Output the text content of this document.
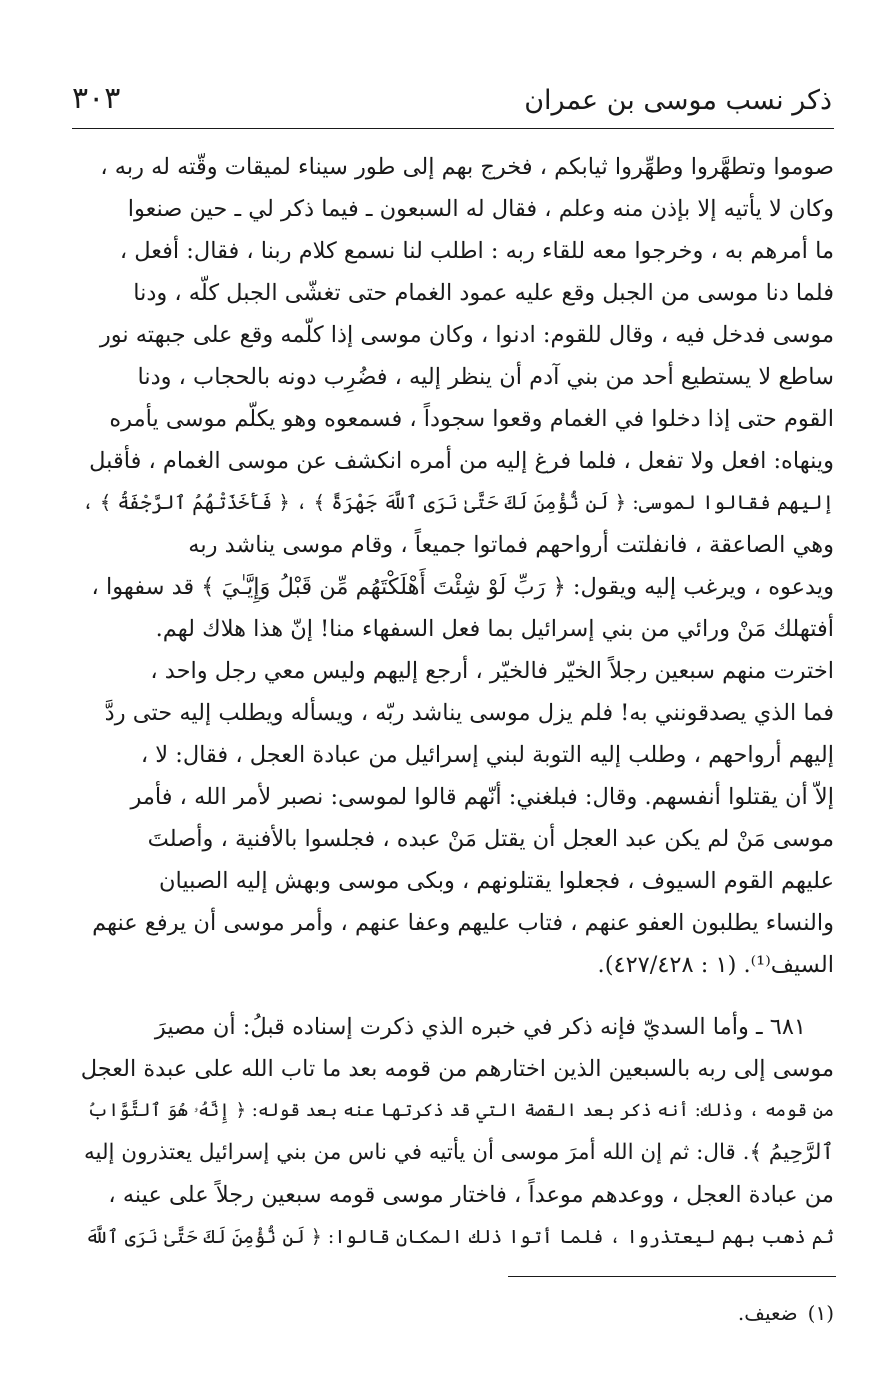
ذكر نسب موسى بن عمران
٣٠٣
صوموا وتطهَّروا وطهِّروا ثيابكم ، فخرج بهم إلى طور سيناء لميقات وقّته له ربه ،
وكان لا يأتيه إلا بإذن منه وعلم ، فقال له السبعون ـ فيما ذكر لي ـ حين صنعوا
ما أمرهم به ، وخرجوا معه للقاء ربه : اطلب لنا نسمع كلام ربنا ، فقال: أفعل ،
فلما دنا موسى من الجبل وقع عليه عمود الغمام حتى تغشّى الجبل كلّه ، ودنا
موسى فدخل فيه ، وقال للقوم: ادنوا ، وكان موسى إذا كلّمه وقع على جبهته نور
ساطع لا يستطيع أحد من بني آدم أن ينظر إليه ، فضُرِب دونه بالحجاب ، ودنا
القوم حتى إذا دخلوا في الغمام وقعوا سجوداً ، فسمعوه وهو يكلّم موسى يأمره
وينهاه: افعل ولا تفعل ، فلما فرغ إليه من أمره انكشف عن موسى الغمام ، فأقبل
إليهم فقالوا لموسى: ﴿ لَن نُّؤْمِنَ لَكَ حَتَّىٰ نَرَى ٱللَّهَ جَهْرَةً ﴾ ، ﴿ فَأَخَذَتْهُمُ ٱلرَّجْفَةُ ﴾ ،
وهي الصاعقة ، فانفلتت أرواحهم فماتوا جميعاً ، وقام موسى يناشد ربه
ويدعوه ، ويرغب إليه ويقول: ﴿ رَبِّ لَوْ شِئْتَ أَهْلَكْتَهُم مِّن قَبْلُ وَإِيَّـٰيَ ﴾ قد سفهوا ،
أفتهلك مَنْ ورائي من بني إسرائيل بما فعل السفهاء منا! إنّ هذا هلاك لهم.
اخترت منهم سبعين رجلاً الخيّر فالخيّر ، أرجع إليهم وليس معي رجل واحد ،
فما الذي يصدقونني به! فلم يزل موسى يناشد ربّه ، ويسأله ويطلب إليه حتى ردَّ
إليهم أرواحهم ، وطلب إليه التوبة لبني إسرائيل من عبادة العجل ، فقال: لا ،
إلاّ أن يقتلوا أنفسهم. وقال: فبلغني: أنّهم قالوا لموسى: نصبر لأمر الله ، فأمر
موسى مَنْ لم يكن عبد العجل أن يقتل مَنْ عبده ، فجلسوا بالأفنية ، وأصلتَ
عليهم القوم السيوف ، فجعلوا يقتلونهم ، وبكى موسى وبهش إليه الصبيان
والنساء يطلبون العفو عنهم ، فتاب عليهم وعفا عنهم ، وأمر موسى أن يرفع عنهم
السيف⁽¹⁾. (١ : ٤٢٧/٤٢٨).
٦٨١ ـ وأما السديّ فإنه ذكر في خبره الذي ذكرت إسناده قبلُ: أن مصيرَ
موسى إلى ربه بالسبعين الذين اختارهم من قومه بعد ما تاب الله على عبدة العجل
من قومه ، وذلك: أنه ذكر بعد القصة التي قد ذكرتها عنه بعد قوله: ﴿ إِنَّهُۥ هُوَ ٱلتَّوَّابُ
ٱلرَّحِيمُ ﴾. قال: ثم إن الله أمرَ موسى أن يأتيه في ناس من بني إسرائيل يعتذرون إليه
من عبادة العجل ، ووعدهم موعداً ، فاختار موسى قومه سبعين رجلاً على عينه ،
ثم ذهب بهم ليعتذروا ، فلما أتوا ذلك المكان قالوا: ﴿ لَن نُّؤْمِنَ لَكَ حَتَّىٰ نَرَى ٱللَّهَ
(١)ضعيف.
